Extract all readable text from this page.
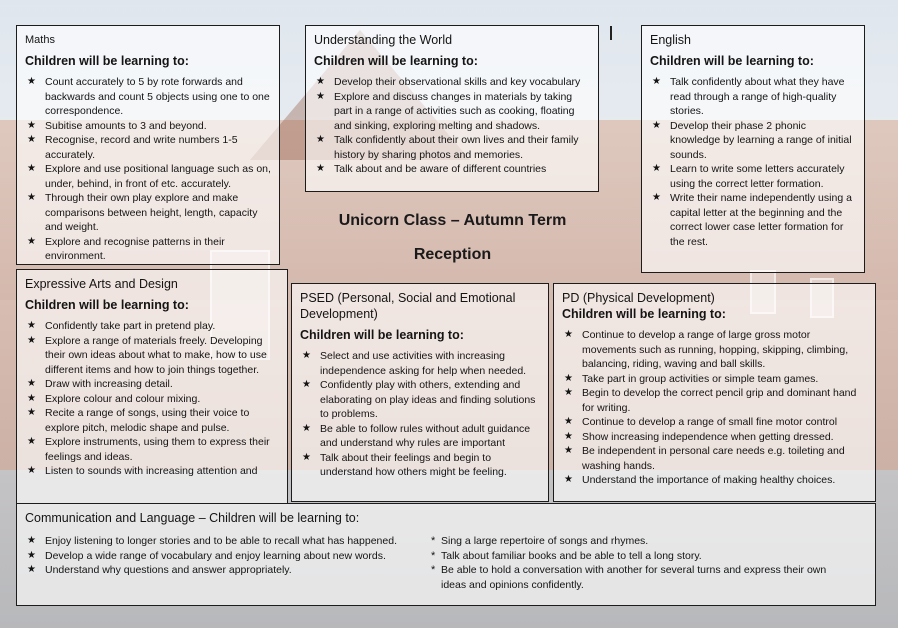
Maths
Children will be learning to:
★ Count accurately to 5 by rote forwards and backwards and count 5 objects using one to one correspondence.
★ Subitise amounts to 3 and beyond.
★ Recognise, record and write numbers 1-5 accurately.
★ Explore and use positional language such as on, under, behind, in front of etc. accurately.
★ Through their own play explore and make comparisons between height, length, capacity and weight.
★ Explore and recognise patterns in their environment.
Understanding the World
Children will be learning to:
★ Develop their observational skills and key vocabulary
★ Explore and discuss changes in materials by taking part in a range of activities such as cooking, floating and sinking, exploring melting and shadows.
★ Talk confidently about their own lives and their family history by sharing photos and memories.
★ Talk about and be aware of different countries
English
Children will be learning to:
★ Talk confidently about what they have read through a range of high-quality stories.
★ Develop their phase 2 phonic knowledge by learning a range of initial sounds.
★ Learn to write some letters accurately using the correct letter formation.
★ Write their name independently using a capital letter at the beginning and the correct lower case letter formation for the rest.
Unicorn Class – Autumn Term
Reception
Expressive Arts and Design
Children will be learning to:
★ Confidently take part in pretend play.
★ Explore a range of materials freely. Developing their own ideas about what to make, how to use different items and how to join things together.
★ Draw with increasing detail.
★ Explore colour and colour mixing.
★ Recite a range of songs, using their voice to explore pitch, melodic shape and pulse.
★ Explore instruments, using them to express their feelings and ideas.
★ Listen to sounds with increasing attention and
PSED (Personal, Social and Emotional Development)
Children will be learning to:
★ Select and use activities with increasing independence asking for help when needed.
★ Confidently play with others, extending and elaborating on play ideas and finding solutions to problems.
★ Be able to follow rules without adult guidance and understand why rules are important
★ Talk about their feelings and begin to understand how others might be feeling.
PD (Physical Development)
Children will be learning to:
★ Continue to develop a range of large gross motor movements such as running, hopping, skipping, climbing, balancing, riding, waving and ball skills.
★ Take part in group activities or simple team games.
★ Begin to develop the correct pencil grip and dominant hand for writing.
★ Continue to develop a range of small fine motor control
★ Show increasing independence when getting dressed.
★ Be independent in personal care needs e.g. toileting and washing hands.
★ Understand the importance of making healthy choices.
Communication and Language – Children will be learning to:
★ Enjoy listening to longer stories and to be able to recall what has happened.
★ Develop a wide range of vocabulary and enjoy learning about new words.
★ Understand why questions and answer appropriately.
* Sing a large repertoire of songs and rhymes.
* Talk about familiar books and be able to tell a long story.
* Be able to hold a conversation with another for several turns and express their own ideas and opinions confidently.
